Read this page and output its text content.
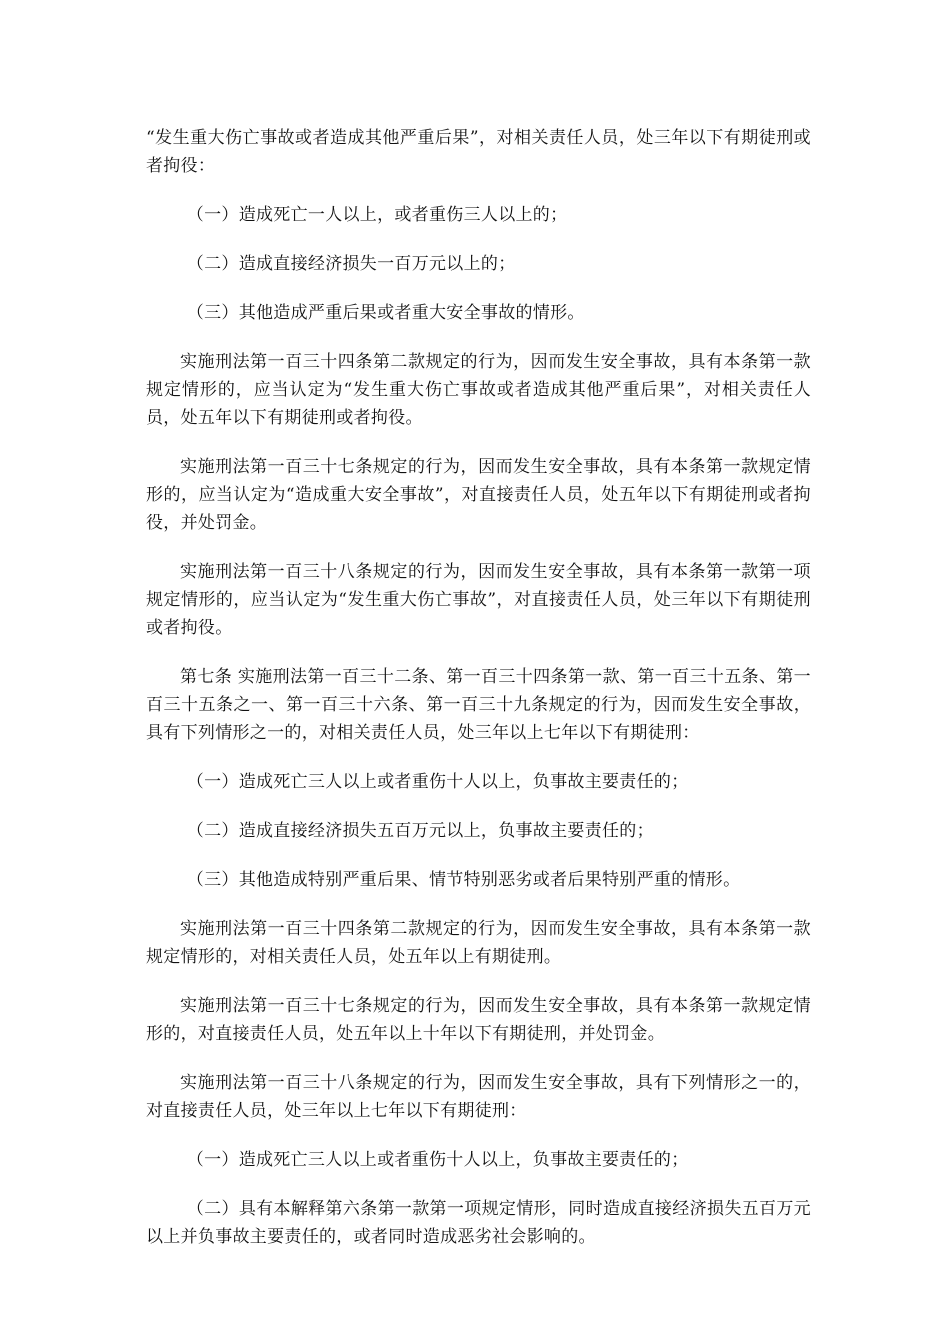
“发生重大伤亡事故或者造成其他严重后果”，对相关责任人员，处三年以下有期徒刑或者拘役：

（一）造成死亡一人以上，或者重伤三人以上的；

（二）造成直接经济损失一百万元以上的；

（三）其他造成严重后果或者重大安全事故的情形。

实施刑法第一百三十四条第二款规定的行为，因而发生安全事故，具有本条第一款规定情形的，应当认定为“发生重大伤亡事故或者造成其他严重后果”，对相关责任人员，处五年以下有期徒刑或者拘役。

实施刑法第一百三十七条规定的行为，因而发生安全事故，具有本条第一款规定情形的，应当认定为“造成重大安全事故”，对直接责任人员，处五年以下有期徒刑或者拘役，并处罚金。

实施刑法第一百三十八条规定的行为，因而发生安全事故，具有本条第一款第一项规定情形的，应当认定为“发生重大伤亡事故”，对直接责任人员，处三年以下有期徒刑或者拘役。

第七条 实施刑法第一百三十二条、第一百三十四条第一款、第一百三十五条、第一百三十五条之一、第一百三十六条、第一百三十九条规定的行为，因而发生安全事故，具有下列情形之一的，对相关责任人员，处三年以上七年以下有期徒刑：

（一）造成死亡三人以上或者重伤十人以上，负事故主要责任的；

（二）造成直接经济损失五百万元以上，负事故主要责任的；

（三）其他造成特别严重后果、情节特别恶劣或者后果特别严重的情形。

实施刑法第一百三十四条第二款规定的行为，因而发生安全事故，具有本条第一款规定情形的，对相关责任人员，处五年以上有期徒刑。

实施刑法第一百三十七条规定的行为，因而发生安全事故，具有本条第一款规定情形的，对直接责任人员，处五年以上十年以下有期徒刑，并处罚金。

实施刑法第一百三十八条规定的行为，因而发生安全事故，具有下列情形之一的，对直接责任人员，处三年以上七年以下有期徒刑：

（一）造成死亡三人以上或者重伤十人以上，负事故主要责任的；

（二）具有本解释第六条第一款第一项规定情形，同时造成直接经济损失五百万元以上并负事故主要责任的，或者同时造成恶劣社会影响的。
